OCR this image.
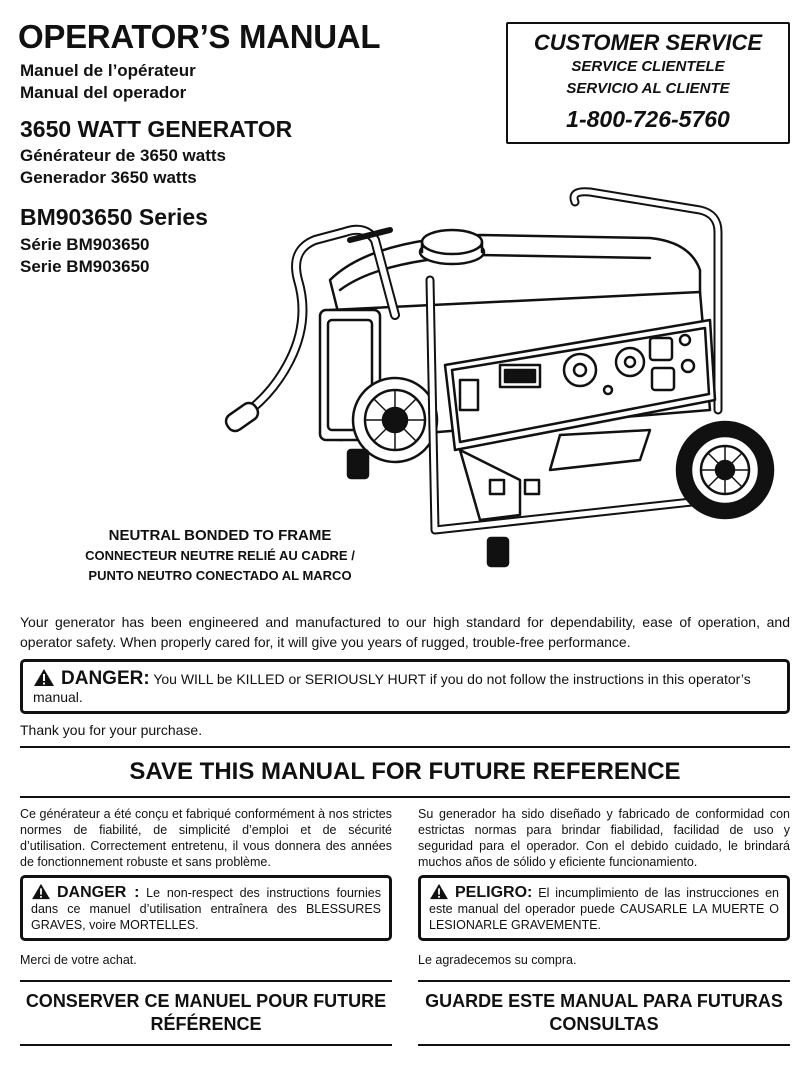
OPERATOR’S MANUAL
Manuel de l’opérateur
Manual del operador
3650 WATT GENERATOR
Générateur de 3650 watts
Generador 3650 watts
BM903650 Series
Série BM903650
Serie BM903650
CUSTOMER SERVICE
SERVICE CLIENTELE
SERVICIO AL CLIENTE
1-800-726-5760
NEUTRAL BONDED TO FRAME
CONNECTEUR NEUTRE RELIÉ AU CADRE /
PUNTO NEUTRO CONECTADO AL MARCO
Your generator has been engineered and manufactured to our high standard for dependability, ease of operation, and operator safety. When properly cared for, it will give you years of rugged, trouble-free performance.
DANGER: You WILL be KILLED or SERIOUSLY HURT if you do not follow the instructions in this operator’s manual.
Thank you for your purchase.
SAVE THIS MANUAL FOR FUTURE REFERENCE
Ce générateur a été conçu et fabriqué conformément à nos strictes normes de fiabilité, de simplicité d’emploi et de sécurité d’utilisation. Correctement entretenu, il vous donnera des années de fonctionnement robuste et sans problème.
DANGER : Le non-respect des instructions fournies dans ce manuel d’utilisation entraînera des BLESSURES GRAVES, voire MORTELLES.
Merci de votre achat.
CONSERVER CE MANUEL POUR FUTURE RÉFÉRENCE
Su generador ha sido diseñado y fabricado de conformidad con estrictas normas para brindar fiabilidad, facilidad de uso y seguridad para el operador. Con el debido cuidado, le brindará muchos años de sólido y eficiente funcionamiento.
PELIGRO: El incumplimiento de las instrucciones en este manual del operador puede CAUSARLE LA MUERTE O LESIONARLE GRAVEMENTE.
Le agradecemos su compra.
GUARDE ESTE MANUAL PARA FUTURAS CONSULTAS
